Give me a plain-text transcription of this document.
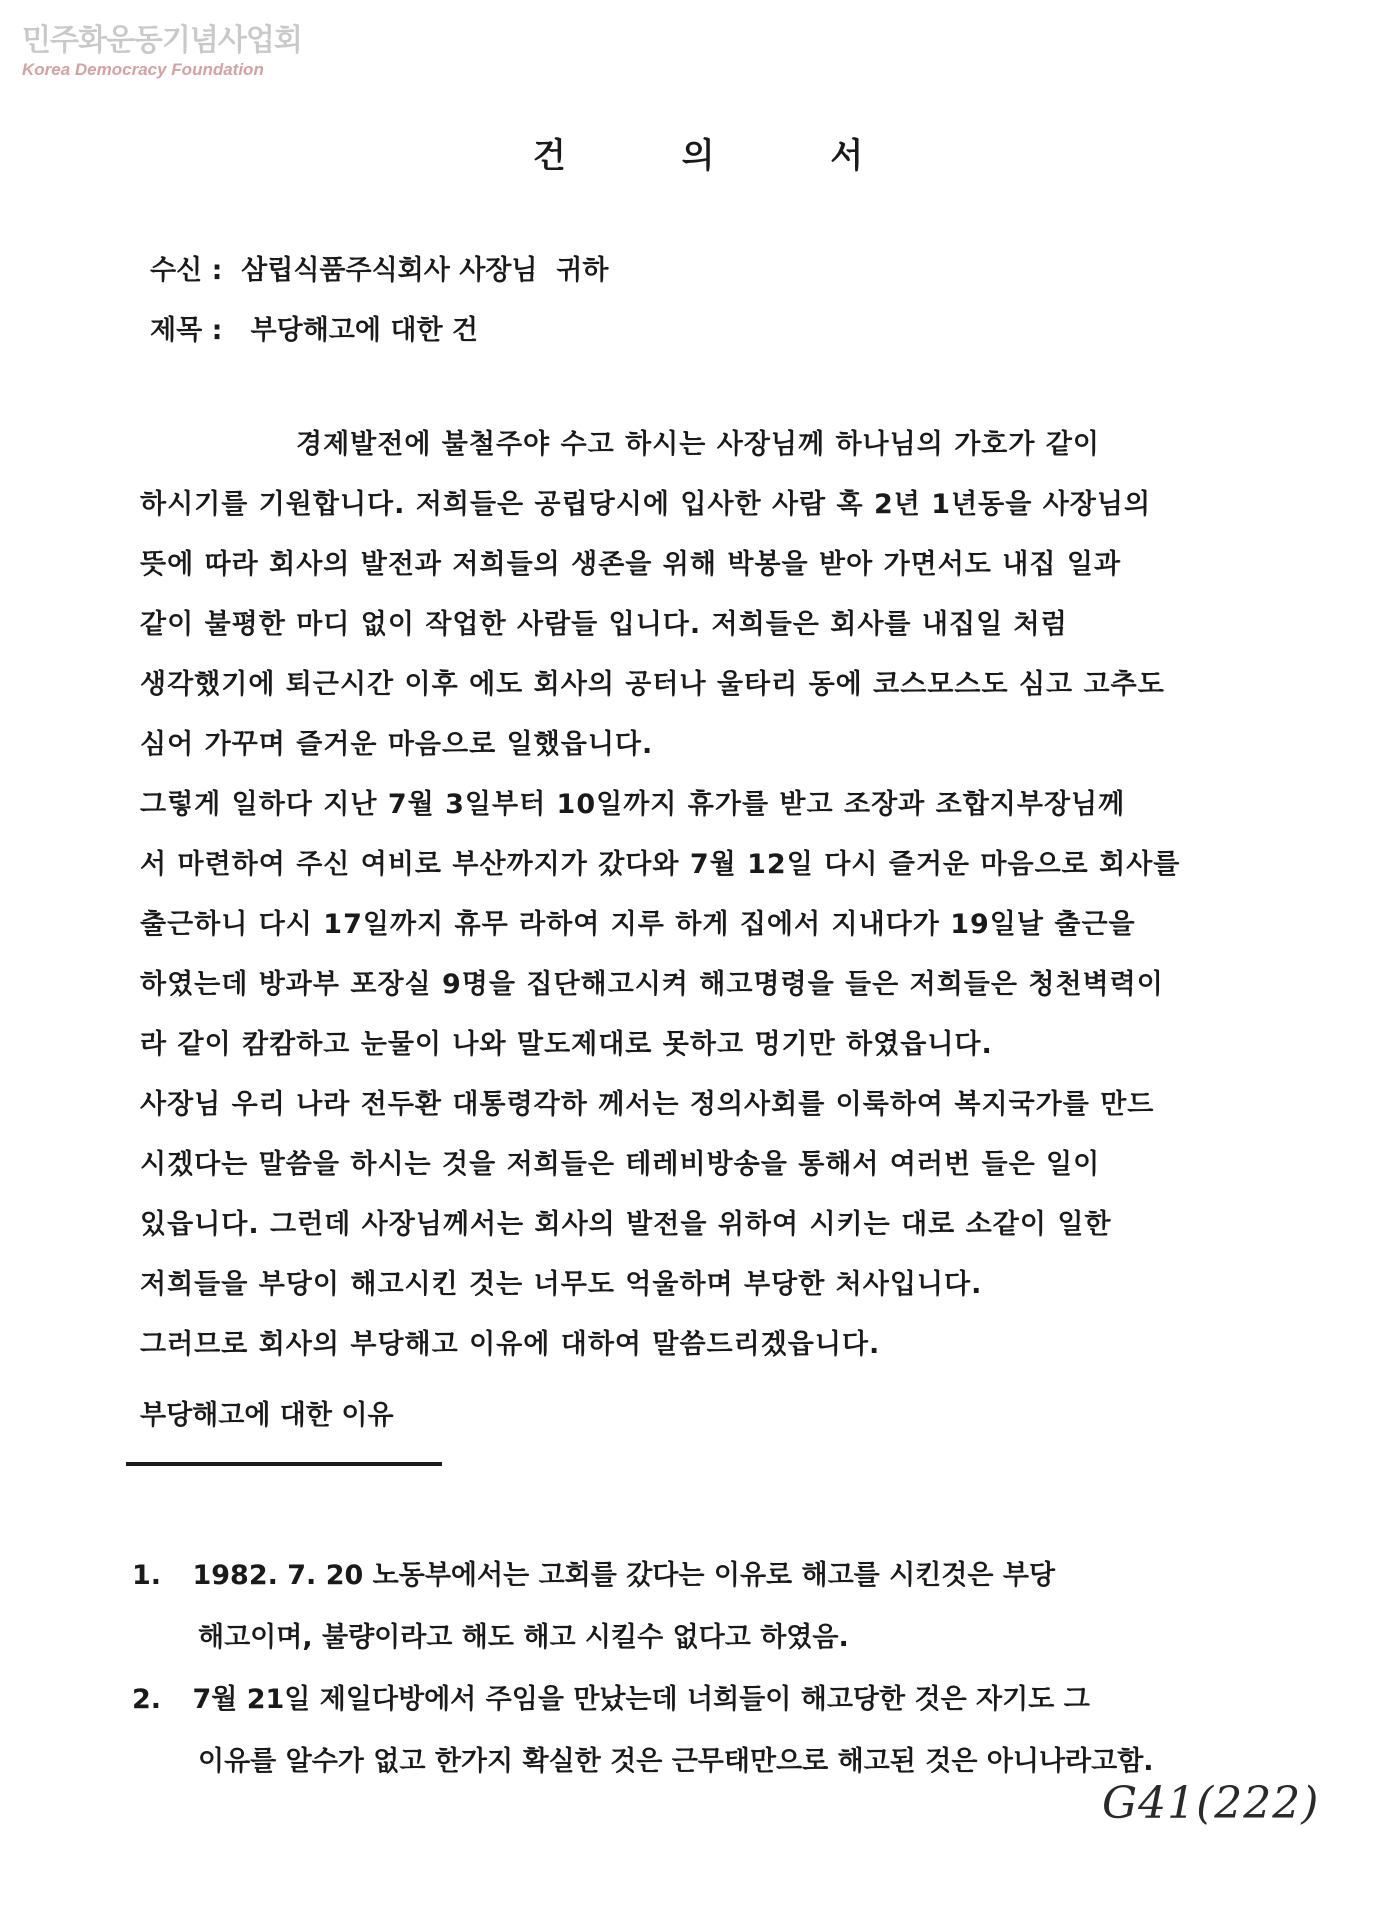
민주화운동기념사업회
Korea Democracy Foundation
건 의 서
수신 :  삼립식품주식회사 사장님  귀하
제목 :   부당해고에 대한 건
경제발전에 불철주야 수고 하시는 사장님께 하나님의 가호가 같이
하시기를 기원합니다. 저희들은 공립당시에 입사한 사람 혹 2년 1년동을 사장님의
뜻에 따라 회사의 발전과 저희들의 생존을 위해 박봉을 받아 가면서도 내집 일과
같이 불평한 마디 없이 작업한 사람들 입니다. 저희들은 회사를 내집일 처럼
생각했기에 퇴근시간 이후 에도 회사의 공터나 울타리 동에 코스모스도 심고 고추도
심어 가꾸며 즐거운 마음으로 일했읍니다.
그렇게 일하다 지난 7월 3일부터 10일까지 휴가를 받고 조장과 조합지부장님께
서 마련하여 주신 여비로 부산까지가 갔다와 7월 12일 다시 즐거운 마음으로 회사를
출근하니 다시 17일까지 휴무 라하여 지루 하게 집에서 지내다가 19일날 출근을
하였는데 방과부 포장실 9명을 집단해고시켜 해고명령을 들은 저희들은 청천벽력이
라 같이 캄캄하고 눈물이 나와 말도제대로 못하고 멍기만 하였읍니다.
사장님 우리 나라 전두환 대통령각하 께서는 정의사회를 이룩하여 복지국가를 만드
시겠다는 말씀을 하시는 것을 저희들은 테레비방송을 통해서 여러번 들은 일이
있읍니다. 그런데 사장님께서는 회사의 발전을 위하여 시키는 대로 소같이 일한
저희들을 부당이 해고시킨 것는 너무도 억울하며 부당한 처사입니다.
그러므로 회사의 부당해고 이유에 대하여 말씀드리겠읍니다.
부당해고에 대한 이유
1. 1982. 7. 20 노동부에서는 고회를 갔다는 이유로 해고를 시킨것은 부당
해고이며, 불량이라고 해도 해고 시킬수 없다고 하였음.
2. 7월 21일 제일다방에서 주임을 만났는데 너희들이 해고당한 것은 자기도 그
이유를 알수가 없고 한가지 확실한 것은 근무태만으로 해고된 것은 아니나라고함.
G41(222)
